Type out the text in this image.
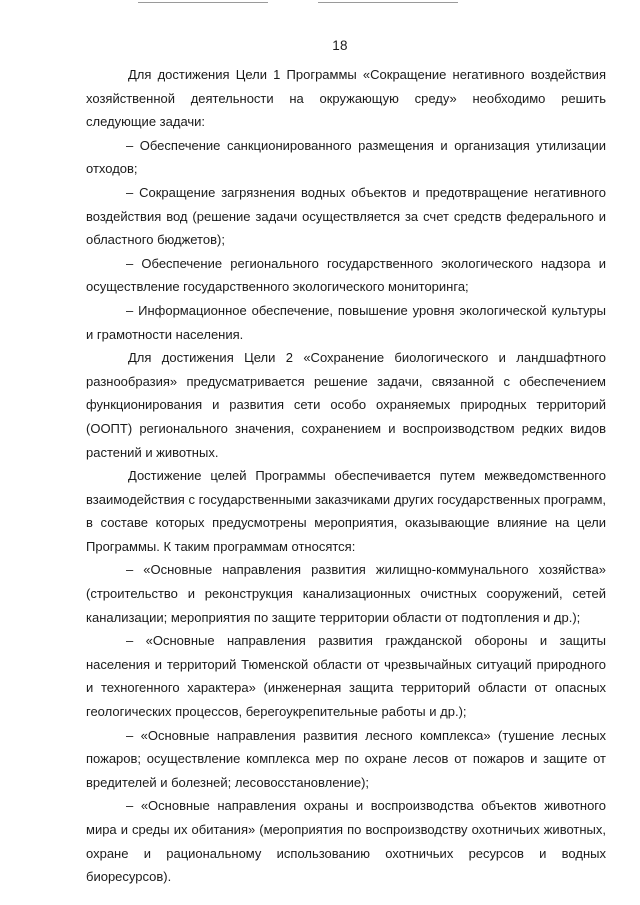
18

Для достижения Цели 1 Программы «Сокращение негативного воздействия хозяйственной деятельности на окружающую среду» необходимо решить следующие задачи:

– Обеспечение санкционированного размещения и организация утилизации отходов;

– Сокращение загрязнения водных объектов и предотвращение негативного воздействия вод (решение задачи осуществляется за счет средств федерального и областного бюджетов);

– Обеспечение регионального государственного экологического надзора и осуществление государственного экологического мониторинга;

– Информационное обеспечение, повышение уровня экологической культуры и грамотности населения.

Для достижения Цели 2 «Сохранение биологического и ландшафтного разнообразия» предусматривается решение задачи, связанной с обеспечением функционирования и развития сети особо охраняемых природных территорий (ООПТ) регионального значения, сохранением и воспроизводством редких видов растений и животных.

Достижение целей Программы обеспечивается путем межведомственного взаимодействия с государственными заказчиками других государственных программ, в составе которых предусмотрены мероприятия, оказывающие влияние на цели Программы. К таким программам относятся:

– «Основные направления развития жилищно-коммунального хозяйства» (строительство и реконструкция канализационных очистных сооружений, сетей канализации; мероприятия по защите территории области от подтопления и др.);

– «Основные направления развития гражданской обороны и защиты населения и территорий Тюменской области от чрезвычайных ситуаций природного и техногенного характера» (инженерная защита территорий области от опасных геологических процессов, берегоукрепительные работы и др.);

– «Основные направления развития лесного комплекса» (тушение лесных пожаров; осуществление комплекса мер по охране лесов от пожаров и защите от вредителей и болезней; лесовосстановление);

– «Основные направления охраны и воспроизводства объектов животного мира и среды их обитания» (мероприятия по воспроизводству охотничьих животных, охране и рациональному использованию охотничьих ресурсов и водных биоресурсов).
